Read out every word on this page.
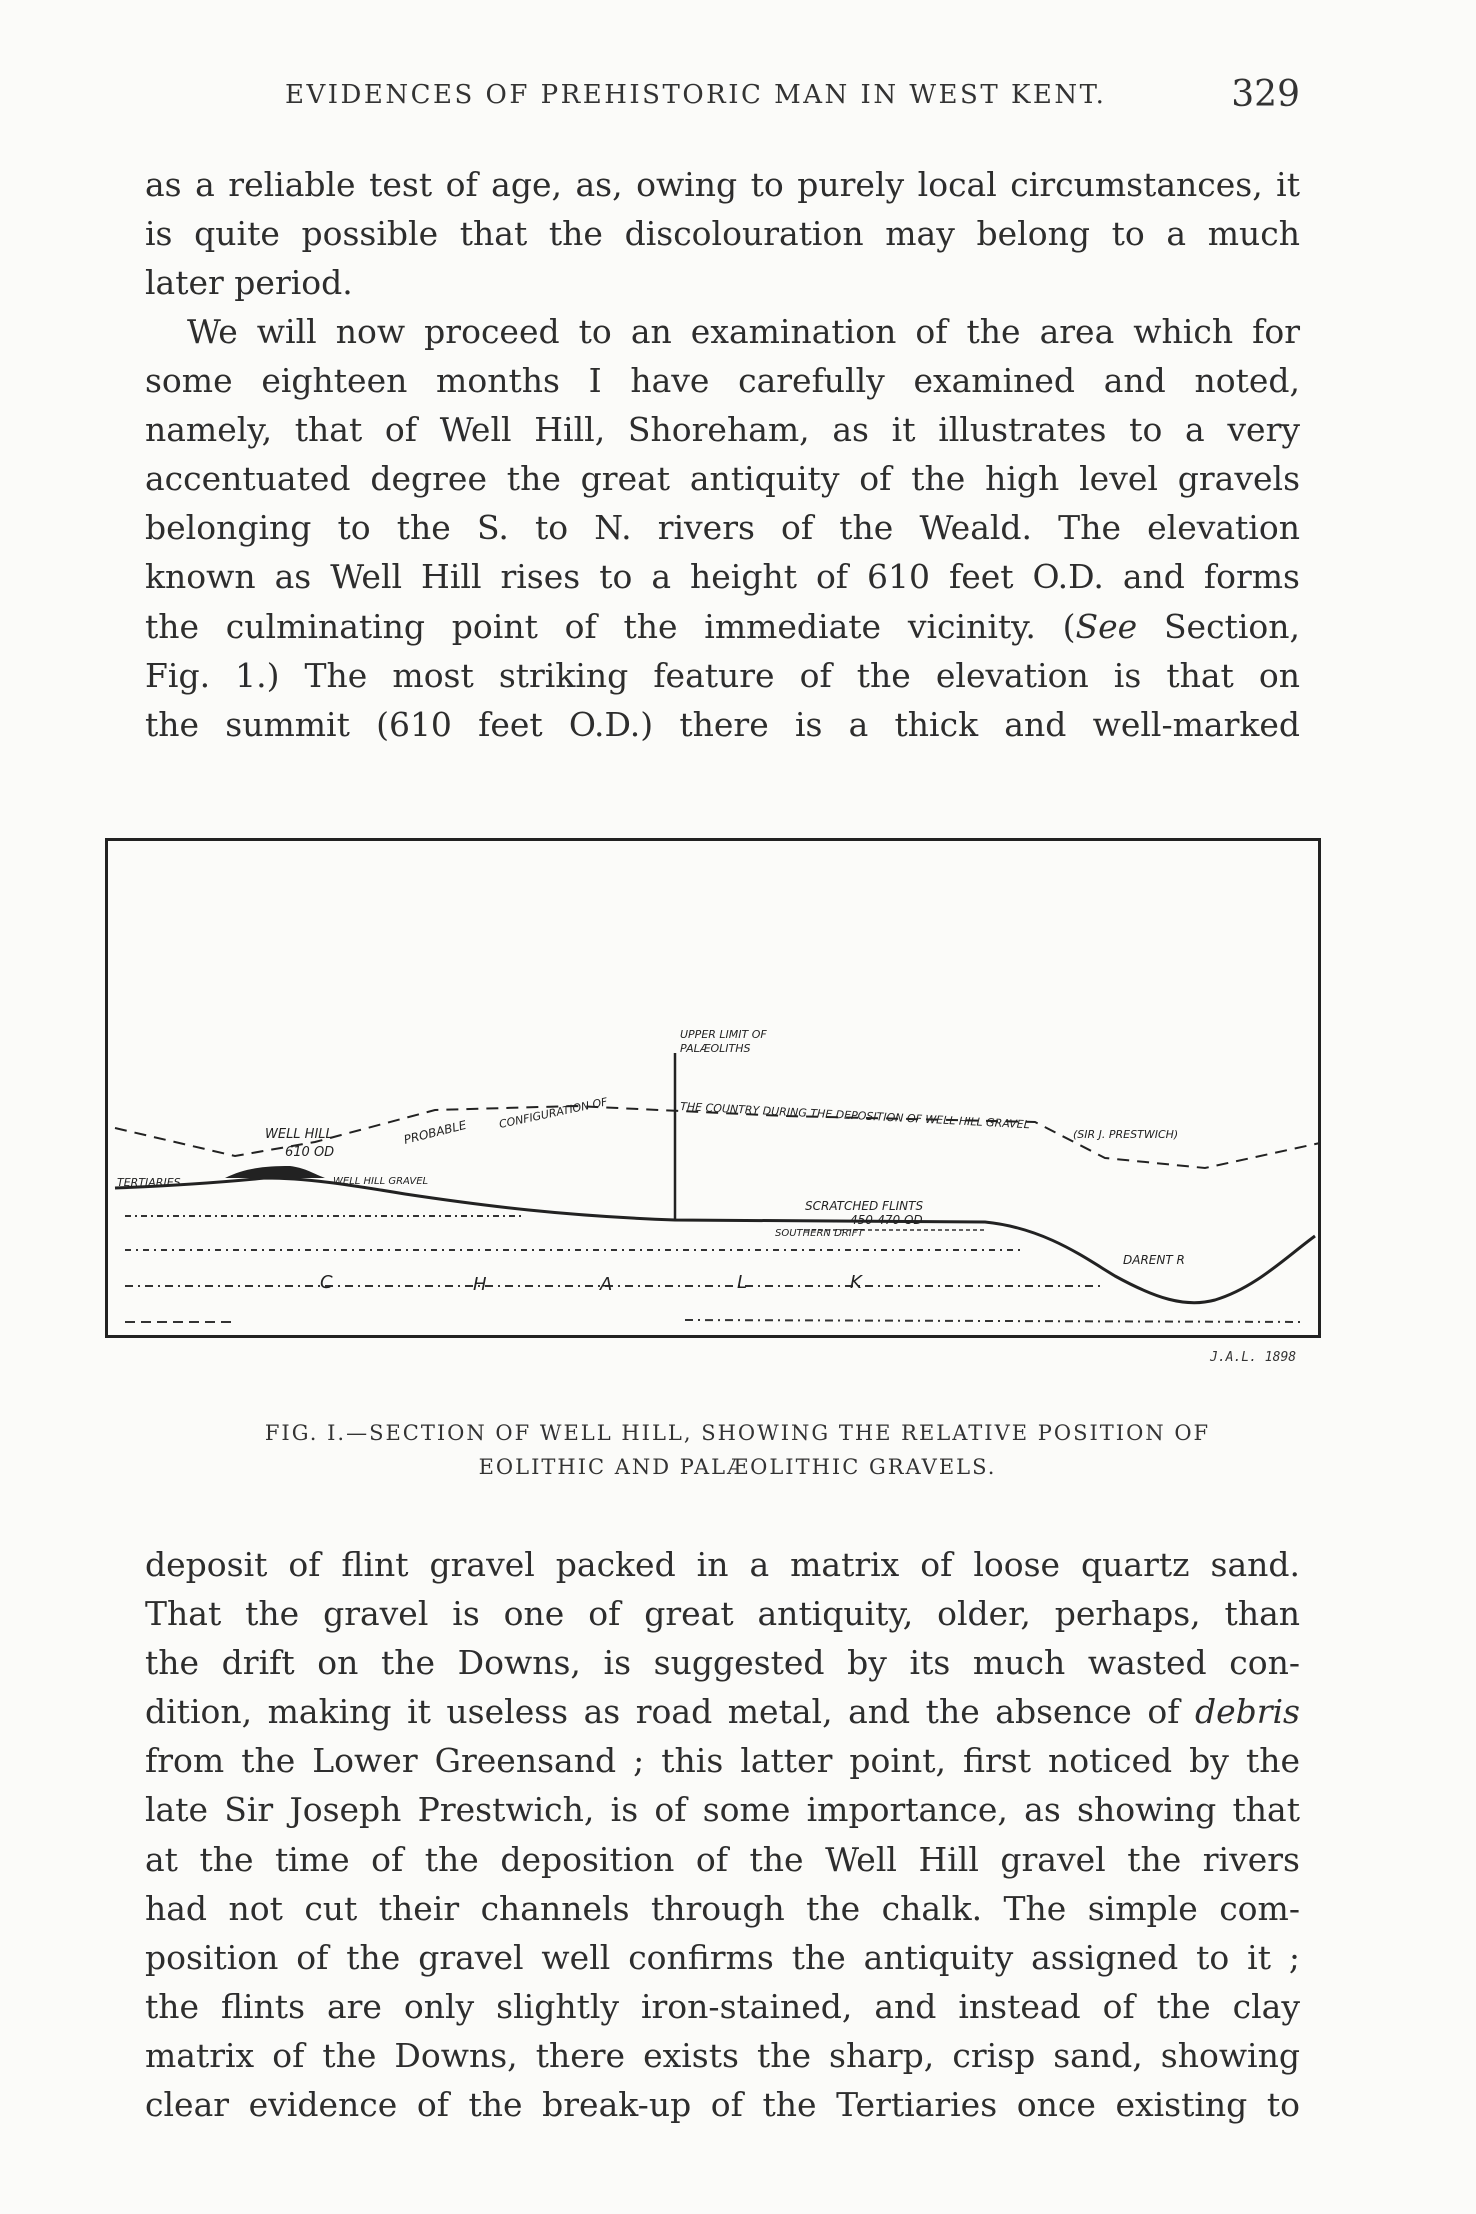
EVIDENCES OF PREHISTORIC MAN IN WEST KENT.	329
as a reliable test of age, as, owing to purely local circumstances, it
is quite possible that the discolouration may belong to a much
later period.
We will now proceed to an examination of the area which for
some eighteen months I have carefully examined and noted,
namely, that of Well Hill, Shoreham, as it illustrates to a very
accentuated degree the great antiquity of the high level gravels
belonging to the S. to N. rivers of the Weald. The elevation
known as Well Hill rises to a height of 610 feet O.D. and forms
the culminating point of the immediate vicinity. (See Section,
Fig. 1.) The most striking feature of the elevation is that on
the summit (610 feet O.D.) there is a thick and well-marked
UPPER LIMIT OF
PALÆOLITHS
WELL HILL
610 OD
PROBABLE
CONFIGURATION OF	THE COUNTRY DURING THE DEPOSITION OF WELL HILL GRAVEL
(SIR J. PRESTWICH)
TERTIARIES	WELL HILL GRAVEL
SCRATCHED FLINTS
450-470 OD
SOUTHERN DRIFT
DARENT R
C	H	A	L	K
J.A.L. 1898
FIG. I.—SECTION OF WELL HILL, SHOWING THE RELATIVE POSITION OF
EOLITHIC AND PALÆOLITHIC GRAVELS.
deposit of flint gravel packed in a matrix of loose quartz sand.
That the gravel is one of great antiquity, older, perhaps, than
the drift on the Downs, is suggested by its much wasted con-
dition, making it useless as road metal, and the absence of debris
from the Lower Greensand ; this latter point, first noticed by the
late Sir Joseph Prestwich, is of some importance, as showing that
at the time of the deposition of the Well Hill gravel the rivers
had not cut their channels through the chalk. The simple com-
position of the gravel well confirms the antiquity assigned to it ;
the flints are only slightly iron-stained, and instead of the clay
matrix of the Downs, there exists the sharp, crisp sand, showing
clear evidence of the break-up of the Tertiaries once existing to
